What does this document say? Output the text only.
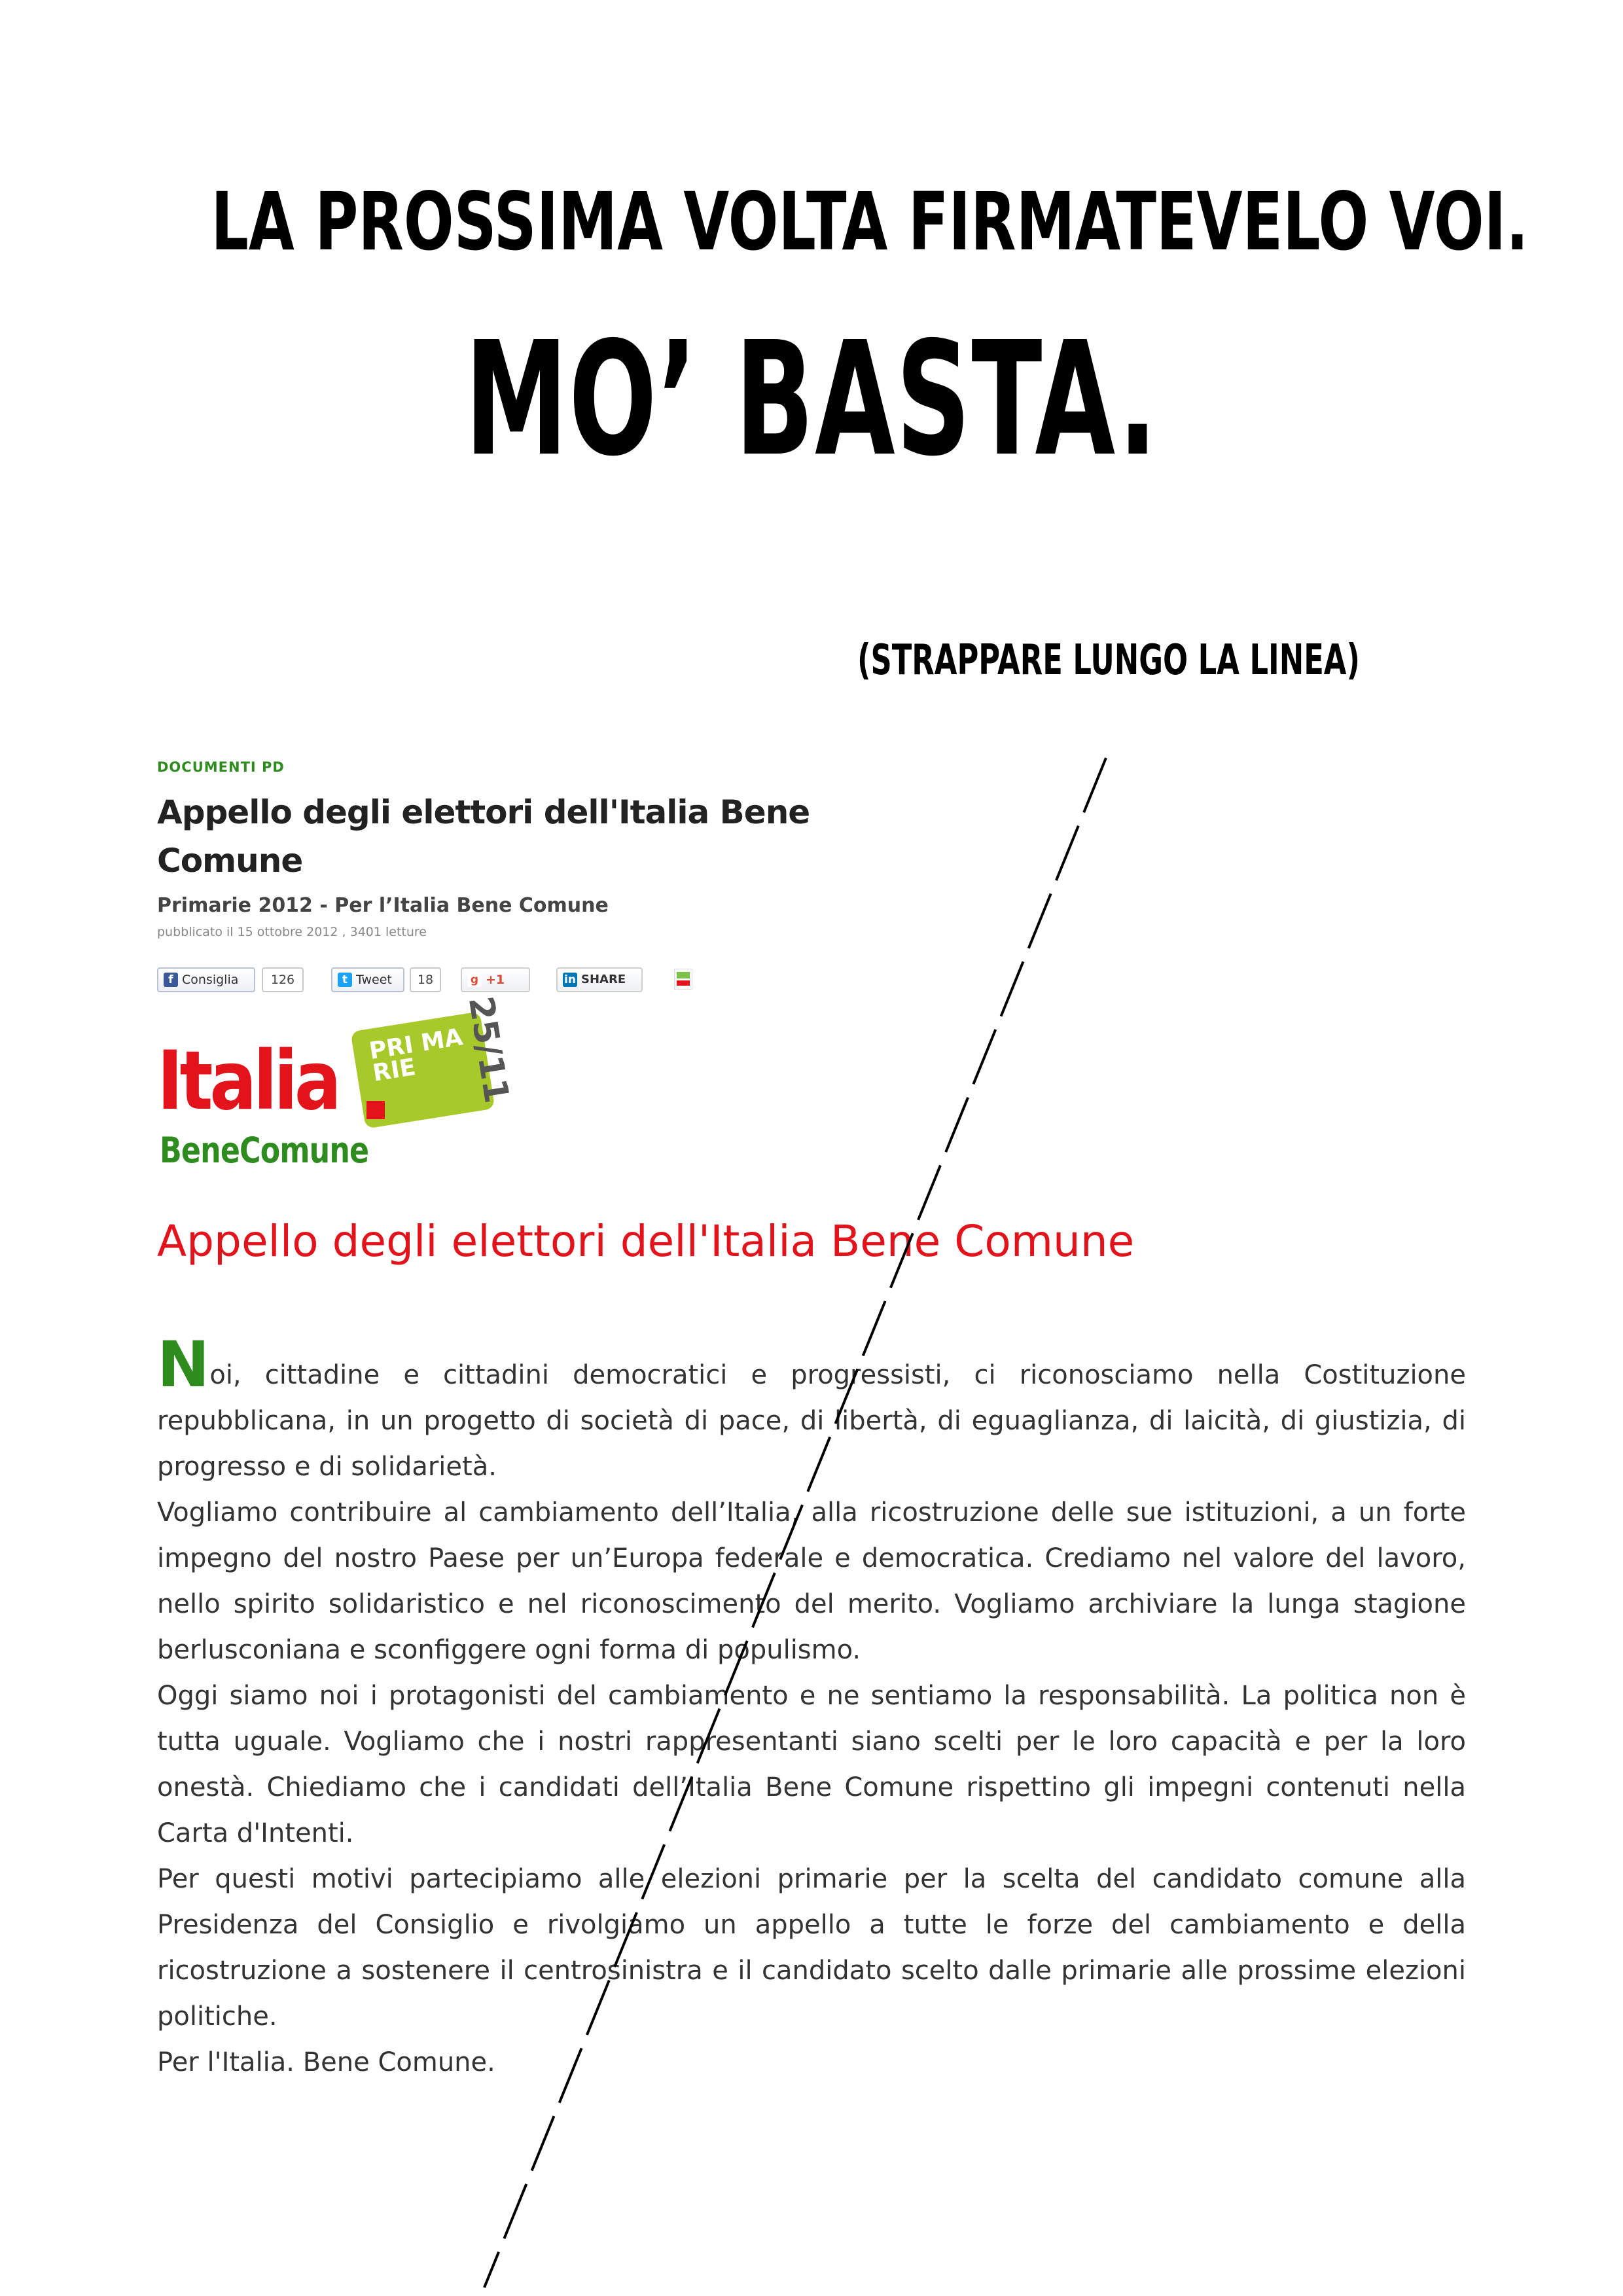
LA PROSSIMA VOLTA FIRMATEVELO VOI.
MO’ BASTA.
(STRAPPARE LUNGO LA LINEA)
DOCUMENTI PD
Appello degli elettori dell'Italia Bene Comune
Primarie 2012 - Per l’Italia Bene Comune
pubblicato il 15 ottobre 2012 , 3401 letture
f Consiglia	126	t Tweet	18	g +1	in SHARE
PRI MA RIE	25/11
Italia
BeneComune
Appello degli elettori dell'Italia Bene Comune

Noi, cittadine e cittadini democratici e progressisti, ci riconosciamo nella Costituzione repubblicana, in un progetto di società di pace, di libertà, di eguaglianza, di laicità, di giustizia, di progresso e di solidarietà.

Vogliamo contribuire al cambiamento dell’Italia, alla ricostruzione delle sue istituzioni, a un forte impegno del nostro Paese per un’Europa federale e democratica. Crediamo nel valore del lavoro, nello spirito solidaristico e nel riconoscimento del merito. Vogliamo archiviare la lunga stagione berlusconiana e sconfiggere ogni forma di populismo.

Oggi siamo noi i protagonisti del cambiamento e ne sentiamo la responsabilità. La politica non è tutta uguale. Vogliamo che i nostri rappresentanti siano scelti per le loro capacità e per la loro onestà. Chiediamo che i candidati dell’Italia Bene Comune rispettino gli impegni contenuti nella Carta d'Intenti.

Per questi motivi partecipiamo alle elezioni primarie per la scelta del candidato comune alla Presidenza del Consiglio e rivolgiamo un appello a tutte le forze del cambiamento e della ricostruzione a sostenere il centrosinistra e il candidato scelto dalle primarie alle prossime elezioni politiche.

Per l'Italia. Bene Comune.
